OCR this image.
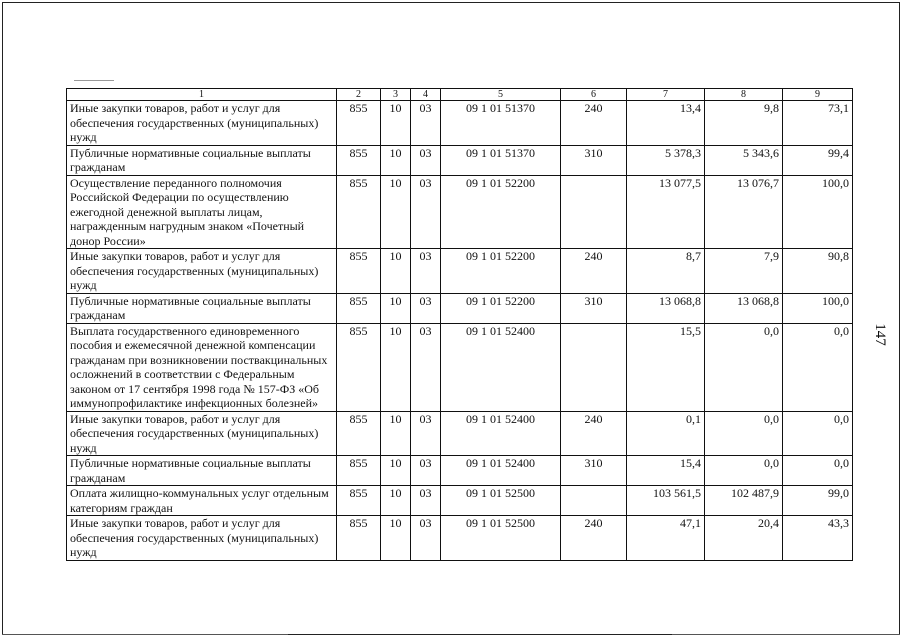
1	2	3	4	5	6	7	8	9
Иные закупки товаров, работ и услуг для обеспечения государственных (муниципальных) нужд	855	10	03	09 1 01 51370	240	13,4	9,8	73,1
Публичные нормативные социальные выплаты гражданам	855	10	03	09 1 01 51370	310	5 378,3	5 343,6	99,4
Осуществление переданного полномочия Российской Федерации по осуществлению ежегодной денежной выплаты лицам, награжденным нагрудным знаком «Почетный донор России»	855	10	03	09 1 01 52200		13 077,5	13 076,7	100,0
Иные закупки товаров, работ и услуг для обеспечения государственных (муниципальных) нужд	855	10	03	09 1 01 52200	240	8,7	7,9	90,8
Публичные нормативные социальные выплаты гражданам	855	10	03	09 1 01 52200	310	13 068,8	13 068,8	100,0
Выплата государственного единовременного пособия и ежемесячной денежной компенсации гражданам при возникновении поствакцинальных осложнений в соответствии с Федеральным законом от 17 сентября 1998 года № 157-ФЗ «Об иммунопрофилактике инфекционных болезней»	855	10	03	09 1 01 52400		15,5	0,0	0,0
Иные закупки товаров, работ и услуг для обеспечения государственных (муниципальных) нужд	855	10	03	09 1 01 52400	240	0,1	0,0	0,0
Публичные нормативные социальные выплаты гражданам	855	10	03	09 1 01 52400	310	15,4	0,0	0,0
Оплата жилищно-коммунальных услуг отдельным категориям граждан	855	10	03	09 1 01 52500		103 561,5	102 487,9	99,0
Иные закупки товаров, работ и услуг для обеспечения государственных (муниципальных) нужд	855	10	03	09 1 01 52500	240	47,1	20,4	43,3
147
